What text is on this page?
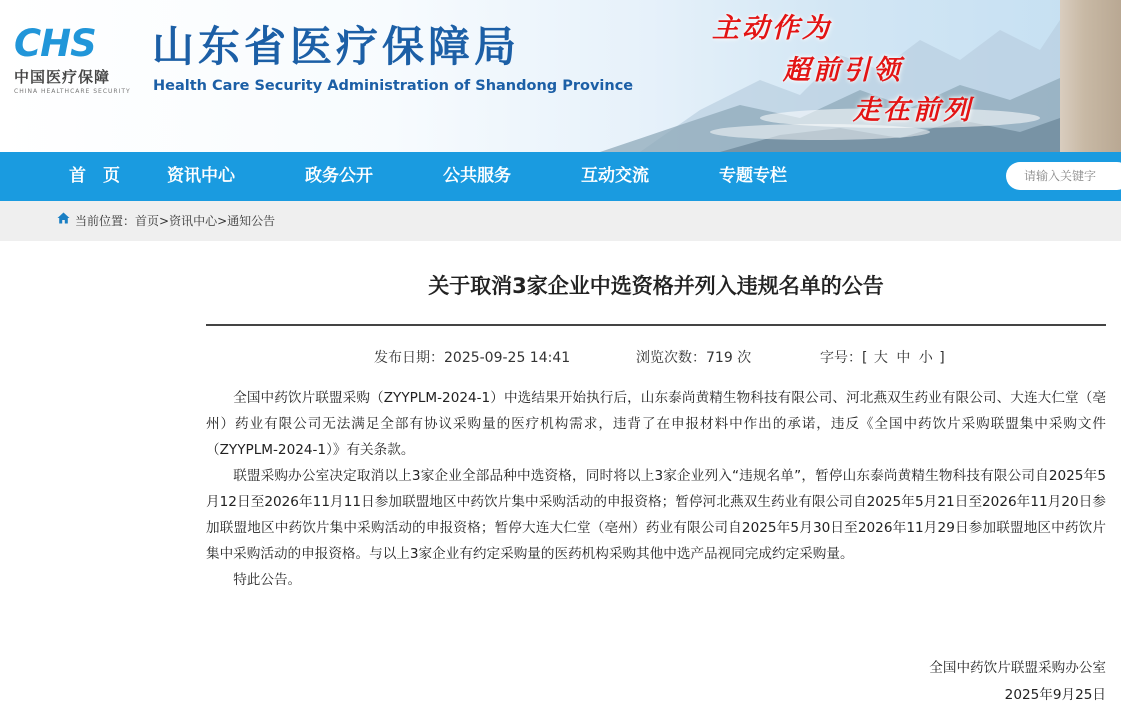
CHS
中国医疗保障
CHINA HEALTHCARE SECURITY
山东省医疗保障局
Health Care Security Administration of Shandong Province
主动作为
超前引领
走在前列
首　页	资讯中心	政务公开	公共服务	互动交流	专题专栏
请输入关键字
当前位置：首页>资讯中心>通知公告
关于取消3家企业中选资格并列入违规名单的公告
发布日期：2025-09-25 14:41	浏览次数：719 次	字号：[ 大 中 小 ]

全国中药饮片联盟采购（ZYYPLM-2024-1）中选结果开始执行后，山东泰尚黄精生物科技有限公司、河北燕双生药业有限公司、大连大仁堂（亳州）药业有限公司无法满足全部有协议采购量的医疗机构需求，违背了在申报材料中作出的承诺，违反《全国中药饮片采购联盟集中采购文件（ZYYPLM-2024-1）》有关条款。

联盟采购办公室决定取消以上3家企业全部品种中选资格，同时将以上3家企业列入“违规名单”，暂停山东泰尚黄精生物科技有限公司自2025年5月12日至2026年11月11日参加联盟地区中药饮片集中采购活动的申报资格；暂停河北燕双生药业有限公司自2025年5月21日至2026年11月20日参加联盟地区中药饮片集中采购活动的申报资格；暂停大连大仁堂（亳州）药业有限公司自2025年5月30日至2026年11月29日参加联盟地区中药饮片集中采购活动的申报资格。与以上3家企业有约定采购量的医药机构采购其他中选产品视同完成约定采购量。

特此公告。

全国中药饮片联盟采购办公室
2025年9月25日
